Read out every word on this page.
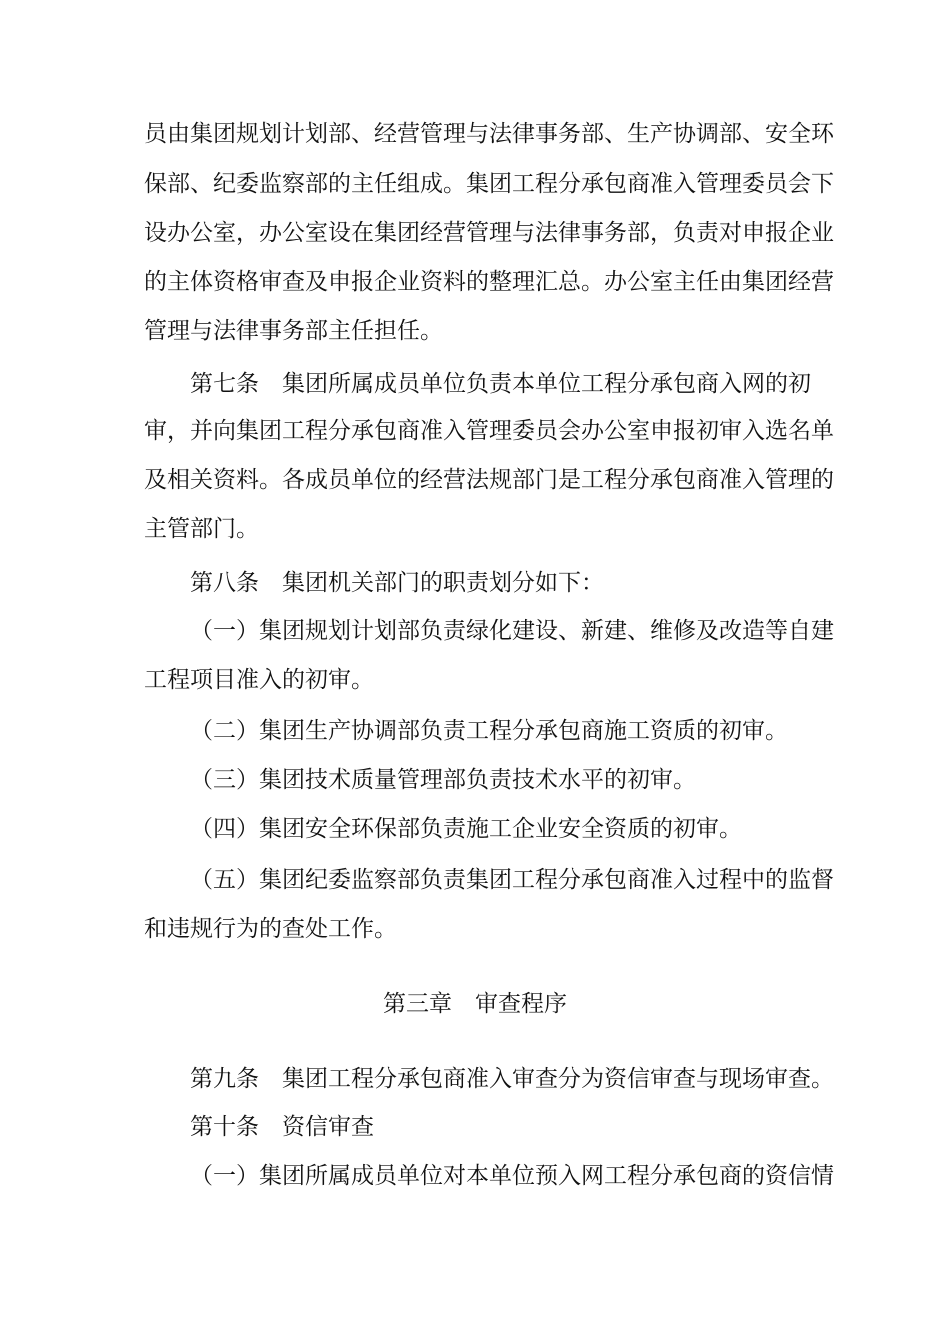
员由集团规划计划部、经营管理与法律事务部、生产协调部、安全环
保部、纪委监察部的主任组成。集团工程分承包商准入管理委员会下
设办公室，办公室设在集团经营管理与法律事务部，负责对申报企业
的主体资格审查及申报企业资料的整理汇总。办公室主任由集团经营
管理与法律事务部主任担任。
第七条　集团所属成员单位负责本单位工程分承包商入网的初
审，并向集团工程分承包商准入管理委员会办公室申报初审入选名单
及相关资料。各成员单位的经营法规部门是工程分承包商准入管理的
主管部门。
第八条　集团机关部门的职责划分如下：
（一）集团规划计划部负责绿化建设、新建、维修及改造等自建
工程项目准入的初审。
（二）集团生产协调部负责工程分承包商施工资质的初审。
（三）集团技术质量管理部负责技术水平的初审。
（四）集团安全环保部负责施工企业安全资质的初审。
（五）集团纪委监察部负责集团工程分承包商准入过程中的监督
和违规行为的查处工作。
第三章　审查程序
第九条　集团工程分承包商准入审查分为资信审查与现场审查。
第十条　资信审查
（一）集团所属成员单位对本单位预入网工程分承包商的资信情
